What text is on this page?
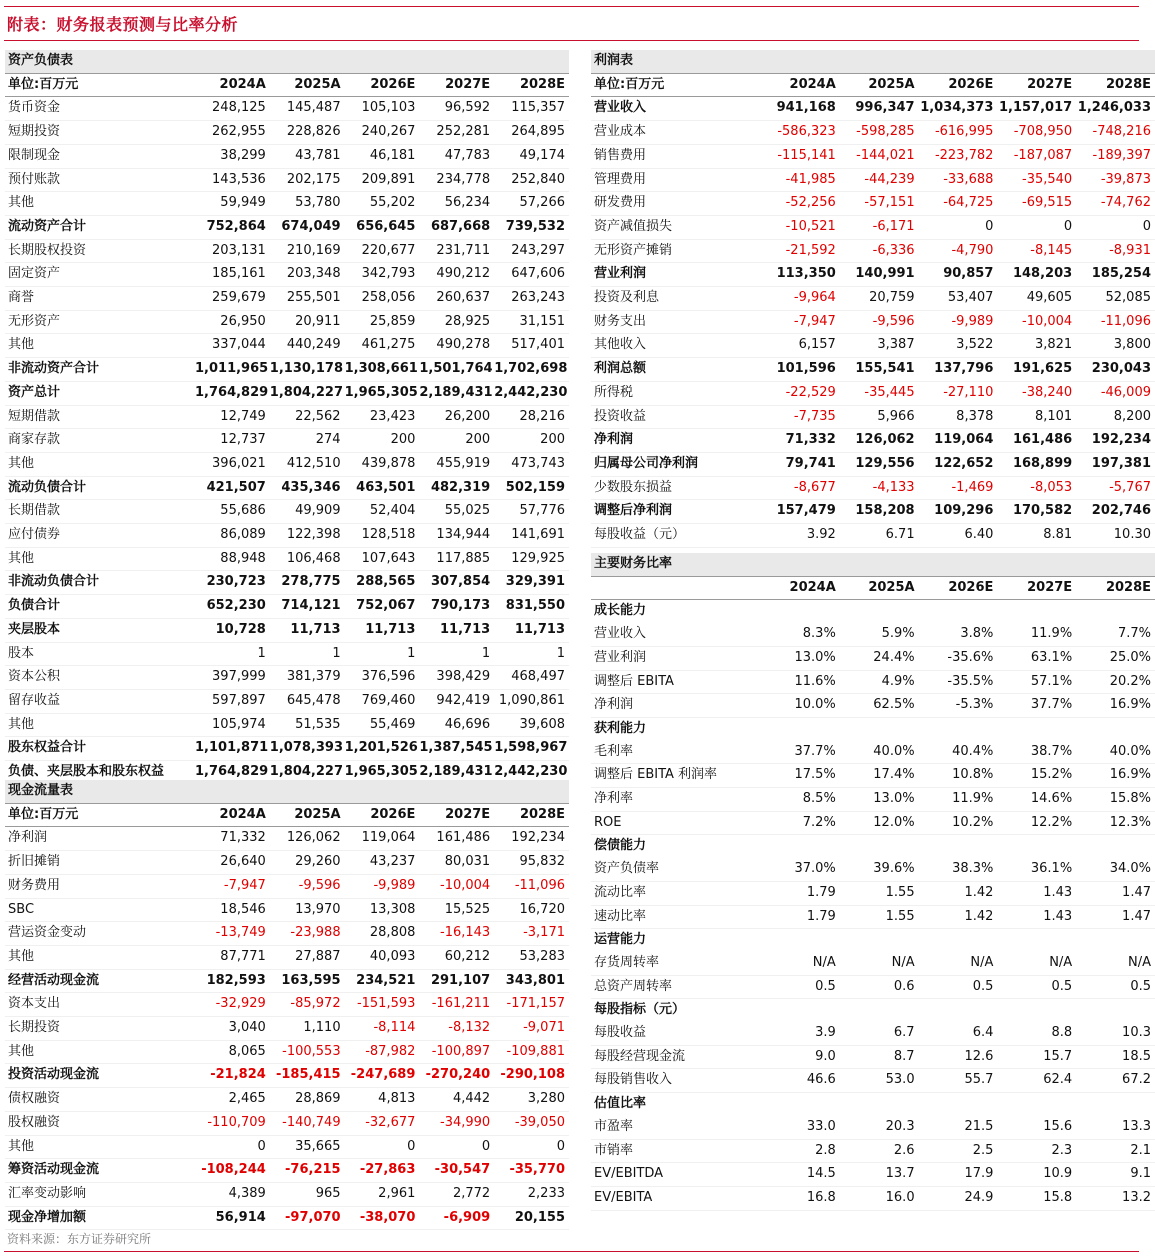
附表：财务报表预测与比率分析
资产负债表					
单位:百万元	2024A	2025A	2026E	2027E	2028E
货币资金	248,125	145,487	105,103	96,592	115,357
短期投资	262,955	228,826	240,267	252,281	264,895
限制现金	38,299	43,781	46,181	47,783	49,174
预付账款	143,536	202,175	209,891	234,778	252,840
其他	59,949	53,780	55,202	56,234	57,266
流动资产合计	752,864	674,049	656,645	687,668	739,532
长期股权投资	203,131	210,169	220,677	231,711	243,297
固定资产	185,161	203,348	342,793	490,212	647,606
商誉	259,679	255,501	258,056	260,637	263,243
无形资产	26,950	20,911	25,859	28,925	31,151
其他	337,044	440,249	461,275	490,278	517,401
非流动资产合计	1,011,965	1,130,178	1,308,661	1,501,764	1,702,698
资产总计	1,764,829	1,804,227	1,965,305	2,189,431	2,442,230
短期借款	12,749	22,562	23,423	26,200	28,216
商家存款	12,737	274	200	200	200
其他	396,021	412,510	439,878	455,919	473,743
流动负债合计	421,507	435,346	463,501	482,319	502,159
长期借款	55,686	49,909	52,404	55,025	57,776
应付债券	86,089	122,398	128,518	134,944	141,691
其他	88,948	106,468	107,643	117,885	129,925
非流动负债合计	230,723	278,775	288,565	307,854	329,391
负债合计	652,230	714,121	752,067	790,173	831,550
夹层股本	10,728	11,713	11,713	11,713	11,713
股本	1	1	1	1	1
资本公积	397,999	381,379	376,596	398,429	468,497
留存收益	597,897	645,478	769,460	942,419	1,090,861
其他	105,974	51,535	55,469	46,696	39,608
股东权益合计	1,101,871	1,078,393	1,201,526	1,387,545	1,598,967
负债、夹层股本和股东权益	1,764,829	1,804,227	1,965,305	2,189,431	2,442,230
现金流量表					
单位:百万元	2024A	2025A	2026E	2027E	2028E
净利润	71,332	126,062	119,064	161,486	192,234
折旧摊销	26,640	29,260	43,237	80,031	95,832
财务费用	-7,947	-9,596	-9,989	-10,004	-11,096
SBC	18,546	13,970	13,308	15,525	16,720
营运资金变动	-13,749	-23,988	28,808	-16,143	-3,171
其他	87,771	27,887	40,093	60,212	53,283
经营活动现金流	182,593	163,595	234,521	291,107	343,801
资本支出	-32,929	-85,972	-151,593	-161,211	-171,157
长期投资	3,040	1,110	-8,114	-8,132	-9,071
其他	8,065	-100,553	-87,982	-100,897	-109,881
投资活动现金流	-21,824	-185,415	-247,689	-270,240	-290,108
债权融资	2,465	28,869	4,813	4,442	3,280
股权融资	-110,709	-140,749	-32,677	-34,990	-39,050
其他	0	35,665	0	0	0
筹资活动现金流	-108,244	-76,215	-27,863	-30,547	-35,770
汇率变动影响	4,389	965	2,961	2,772	2,233
现金净增加额	56,914	-97,070	-38,070	-6,909	20,155
利润表					
单位:百万元	2024A	2025A	2026E	2027E	2028E
营业收入	941,168	996,347	1,034,373	1,157,017	1,246,033
营业成本	-586,323	-598,285	-616,995	-708,950	-748,216
销售费用	-115,141	-144,021	-223,782	-187,087	-189,397
管理费用	-41,985	-44,239	-33,688	-35,540	-39,873
研发费用	-52,256	-57,151	-64,725	-69,515	-74,762
资产减值损失	-10,521	-6,171	0	0	0
无形资产摊销	-21,592	-6,336	-4,790	-8,145	-8,931
营业利润	113,350	140,991	90,857	148,203	185,254
投资及利息	-9,964	20,759	53,407	49,605	52,085
财务支出	-7,947	-9,596	-9,989	-10,004	-11,096
其他收入	6,157	3,387	3,522	3,821	3,800
利润总额	101,596	155,541	137,796	191,625	230,043
所得税	-22,529	-35,445	-27,110	-38,240	-46,009
投资收益	-7,735	5,966	8,378	8,101	8,200
净利润	71,332	126,062	119,064	161,486	192,234
归属母公司净利润	79,741	129,556	122,652	168,899	197,381
少数股东损益	-8,677	-4,133	-1,469	-8,053	-5,767
调整后净利润	157,479	158,208	109,296	170,582	202,746
每股收益（元）	3.92	6.71	6.40	8.81	10.30
主要财务比率					
	2024A	2025A	2026E	2027E	2028E
成长能力					
营业收入	8.3%	5.9%	3.8%	11.9%	7.7%
营业利润	13.0%	24.4%	-35.6%	63.1%	25.0%
调整后 EBITA	11.6%	4.9%	-35.5%	57.1%	20.2%
净利润	10.0%	62.5%	-5.3%	37.7%	16.9%
获利能力					
毛利率	37.7%	40.0%	40.4%	38.7%	40.0%
调整后 EBITA 利润率	17.5%	17.4%	10.8%	15.2%	16.9%
净利率	8.5%	13.0%	11.9%	14.6%	15.8%
ROE	7.2%	12.0%	10.2%	12.2%	12.3%
偿债能力					
资产负债率	37.0%	39.6%	38.3%	36.1%	34.0%
流动比率	1.79	1.55	1.42	1.43	1.47
速动比率	1.79	1.55	1.42	1.43	1.47
运营能力					
存货周转率	N/A	N/A	N/A	N/A	N/A
总资产周转率	0.5	0.6	0.5	0.5	0.5
每股指标（元）					
每股收益	3.9	6.7	6.4	8.8	10.3
每股经营现金流	9.0	8.7	12.6	15.7	18.5
每股销售收入	46.6	53.0	55.7	62.4	67.2
估值比率					
市盈率	33.0	20.3	21.5	15.6	13.3
市销率	2.8	2.6	2.5	2.3	2.1
EV/EBITDA	14.5	13.7	17.9	10.9	9.1
EV/EBITA	16.8	16.0	24.9	15.8	13.2
资料来源：东方证券研究所
